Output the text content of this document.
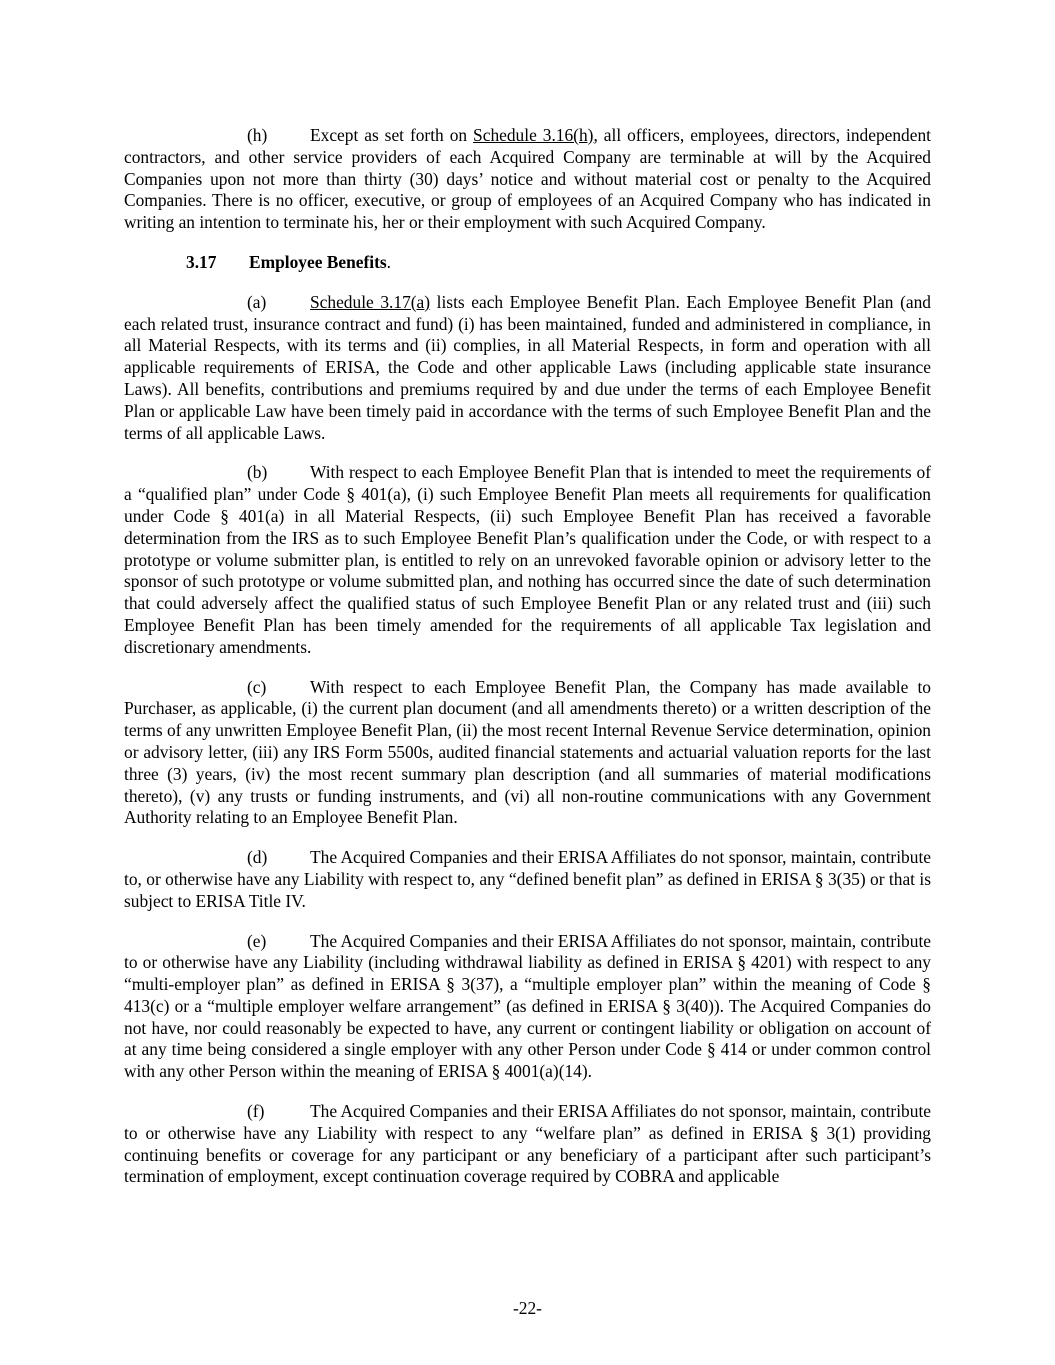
(h) Except as set forth on Schedule 3.16(h), all officers, employees, directors, independent contractors, and other service providers of each Acquired Company are terminable at will by the Acquired Companies upon not more than thirty (30) days’ notice and without material cost or penalty to the Acquired Companies. There is no officer, executive, or group of employees of an Acquired Company who has indicated in writing an intention to terminate his, her or their employment with such Acquired Company.

3.17 Employee Benefits.

(a)	Schedule 3.17(a) lists each Employee Benefit Plan. Each Employee Benefit Plan (and each related trust, insurance contract and fund) (i) has been maintained, funded and administered in compliance, in all Material Respects, with its terms and (ii) complies, in all Material Respects, in form and operation with all applicable requirements of ERISA, the Code and other applicable Laws (including applicable state insurance Laws). All benefits, contributions and premiums required by and due under the terms of each Employee Benefit Plan or applicable Law have been timely paid in accordance with the terms of such Employee Benefit Plan and the terms of all applicable Laws.

(b) With respect to each Employee Benefit Plan that is intended to meet the requirements of a “qualified plan” under Code § 401(a), (i) such Employee Benefit Plan meets all requirements for qualification under Code § 401(a) in all Material Respects, (ii) such Employee Benefit Plan has received a favorable determination from the IRS as to such Employee Benefit Plan’s qualification under the Code, or with respect to a prototype or volume submitter plan, is entitled to rely on an unrevoked favorable opinion or advisory letter to the sponsor of such prototype or volume submitted plan, and nothing has occurred since the date of such determination that could adversely affect the qualified status of such Employee Benefit Plan or any related trust and (iii) such Employee Benefit Plan has been timely amended for the requirements of all applicable Tax legislation and discretionary amendments.

(c)	With respect to each Employee Benefit Plan, the Company has made available to Purchaser, as applicable, (i) the current plan document (and all amendments thereto) or a written description of the terms of any unwritten Employee Benefit Plan, (ii) the most recent Internal Revenue Service determination, opinion or advisory letter, (iii) any IRS Form 5500s, audited financial statements and actuarial valuation reports for the last three (3) years, (iv) the most recent summary plan description (and all summaries of material modifications thereto), (v) any trusts or funding instruments, and (vi) all non-routine communications with any Government Authority relating to an Employee Benefit Plan.

(d) The Acquired Companies and their ERISA Affiliates do not sponsor, maintain, contribute to, or otherwise have any Liability with respect to, any “defined benefit plan” as defined in ERISA § 3(35) or that is subject to ERISA Title IV.

(e)	The Acquired Companies and their ERISA Affiliates do not sponsor, maintain, contribute to or otherwise have any Liability (including withdrawal liability as defined in ERISA § 4201) with respect to any “multi-employer plan” as defined in ERISA § 3(37), a “multiple employer plan” within the meaning of Code § 413(c) or a “multiple employer welfare arrangement” (as defined in ERISA § 3(40)). The Acquired Companies do not have, nor could reasonably be expected to have, any current or contingent liability or obligation on account of at any time being considered a single employer with any other Person under Code § 414 or under common control with any other Person within the meaning of ERISA § 4001(a)(14).

(f)	The Acquired Companies and their ERISA Affiliates do not sponsor, maintain, contribute to or otherwise have any Liability with respect to any “welfare plan” as defined in ERISA § 3(1) providing continuing benefits or coverage for any participant or any beneficiary of a participant after such participant’s termination of employment, except continuation coverage required by COBRA and applicable

-22-
